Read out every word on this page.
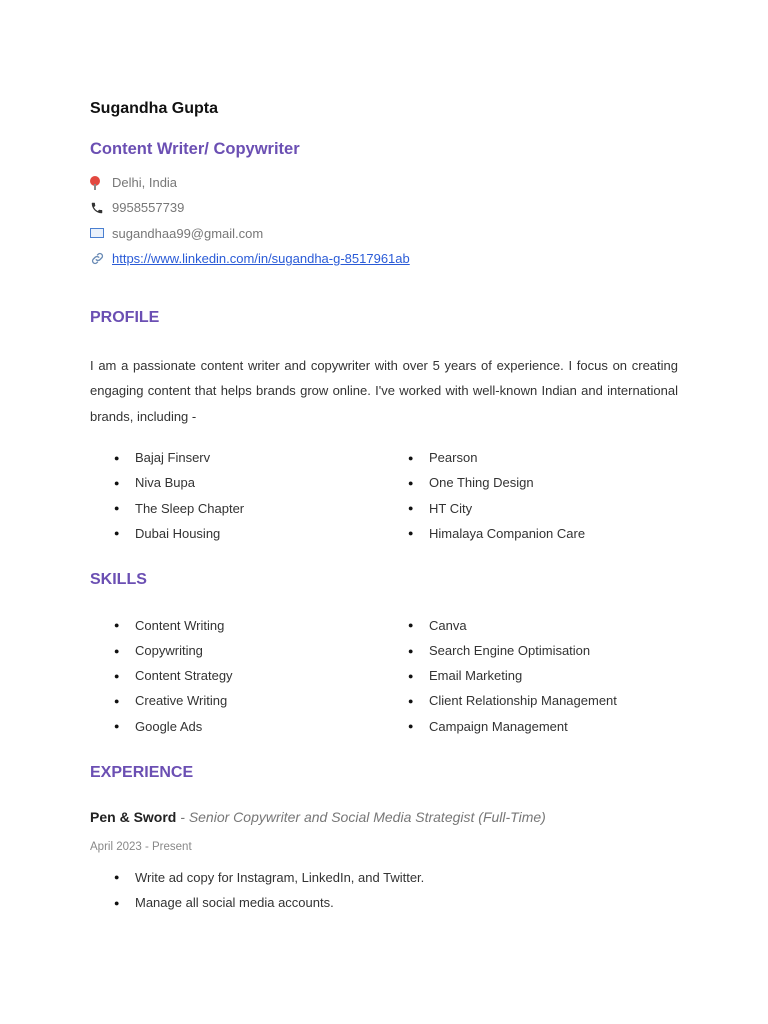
Sugandha Gupta
Content Writer/ Copywriter
Delhi, India
9958557739
sugandhaa99@gmail.com
https://www.linkedin.com/in/sugandha-g-8517961ab
PROFILE
I am a passionate content writer and copywriter with over 5 years of experience. I focus on creating engaging content that helps brands grow online. I've worked with well-known Indian and international brands, including -
●	Bajaj Finserv
●	Niva Bupa
●	The Sleep Chapter
●	Dubai Housing
●	Pearson
●	One Thing Design
●	HT City
●	Himalaya Companion Care
SKILLS
●	Content Writing
●	Copywriting
●	Content Strategy
●	Creative Writing
●	Google Ads
●	Canva
●	Search Engine Optimisation
●	Email Marketing
●	Client Relationship Management
●	Campaign Management
EXPERIENCE
Pen & Sword - Senior Copywriter and Social Media Strategist (Full-Time)
April 2023 - Present
●	Write ad copy for Instagram, LinkedIn, and Twitter.
●	Manage all social media accounts.
